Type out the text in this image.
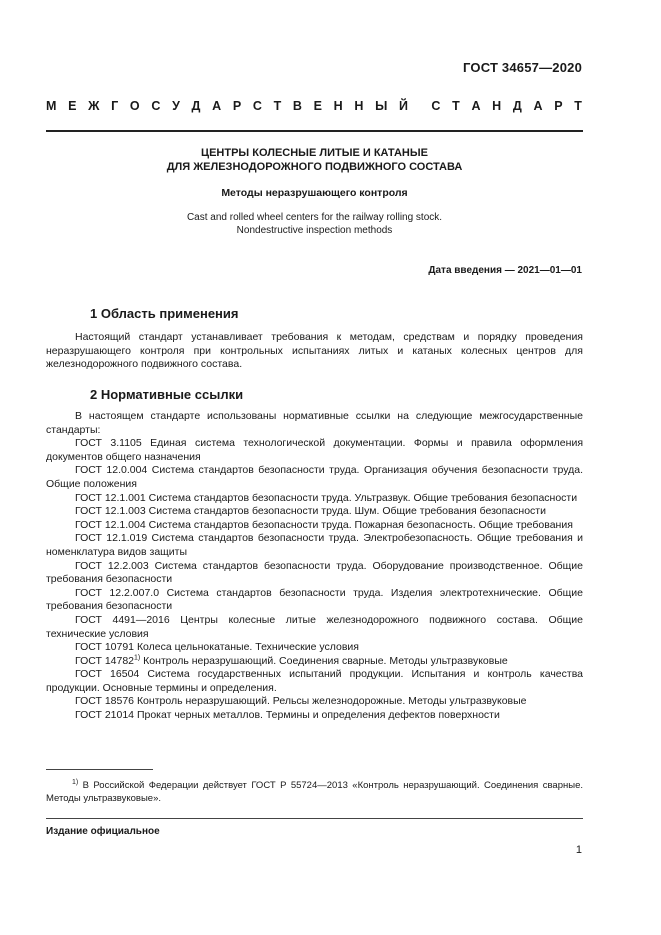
ГОСТ 34657—2020
М Е Ж Г О С У Д А Р С Т В Е Н Н Ы Й С Т А Н Д А Р Т
ЦЕНТРЫ КОЛЕСНЫЕ ЛИТЫЕ И КАТАНЫЕ
ДЛЯ ЖЕЛЕЗНОДОРОЖНОГО ПОДВИЖНОГО СОСТАВА
Методы неразрушающего контроля
Cast and rolled wheel centers for the railway rolling stock.
Nondestructive inspection methods
Дата введения — 2021—01—01
1 Область применения

Настоящий стандарт устанавливает требования к методам, средствам и порядку проведения неразрушающего контроля при контрольных испытаниях литых и катаных колесных центров для железнодорожного подвижного состава.

2 Нормативные ссылки

В настоящем стандарте использованы нормативные ссылки на следующие межгосударственные стандарты:

ГОСТ 3.1105 Единая система технологической документации. Формы и правила оформления документов общего назначения

ГОСТ 12.0.004 Система стандартов безопасности труда. Организация обучения безопасности труда. Общие положения

ГОСТ 12.1.001 Система стандартов безопасности труда. Ультразвук. Общие требования безопасности

ГОСТ 12.1.003 Система стандартов безопасности труда. Шум. Общие требования безопасности

ГОСТ 12.1.004 Система стандартов безопасности труда. Пожарная безопасность. Общие требования

ГОСТ 12.1.019 Система стандартов безопасности труда. Электробезопасность. Общие требования и номенклатура видов защиты

ГОСТ 12.2.003 Система стандартов безопасности труда. Оборудование производственное. Общие требования безопасности

ГОСТ 12.2.007.0 Система стандартов безопасности труда. Изделия электротехнические. Общие требования безопасности

ГОСТ 4491—2016 Центры колесные литые железнодорожного подвижного состава. Общие технические условия

ГОСТ 10791 Колеса цельнокатаные. Технические условия

ГОСТ 14782$^{1)}$ Контроль неразрушающий. Соединения сварные. Методы ультразвуковые

ГОСТ 16504 Система государственных испытаний продукции. Испытания и контроль качества продукции. Основные термины и определения.

ГОСТ 18576 Контроль неразрушающий. Рельсы железнодорожные. Методы ультразвуковые

ГОСТ 21014 Прокат черных металлов. Термины и определения дефектов поверхности

$^{1)}$ В Российской Федерации действует ГОСТ Р 55724—2013 «Контроль неразрушающий. Соединения сварные. Методы ультразвуковые».
Издание официальное
1
